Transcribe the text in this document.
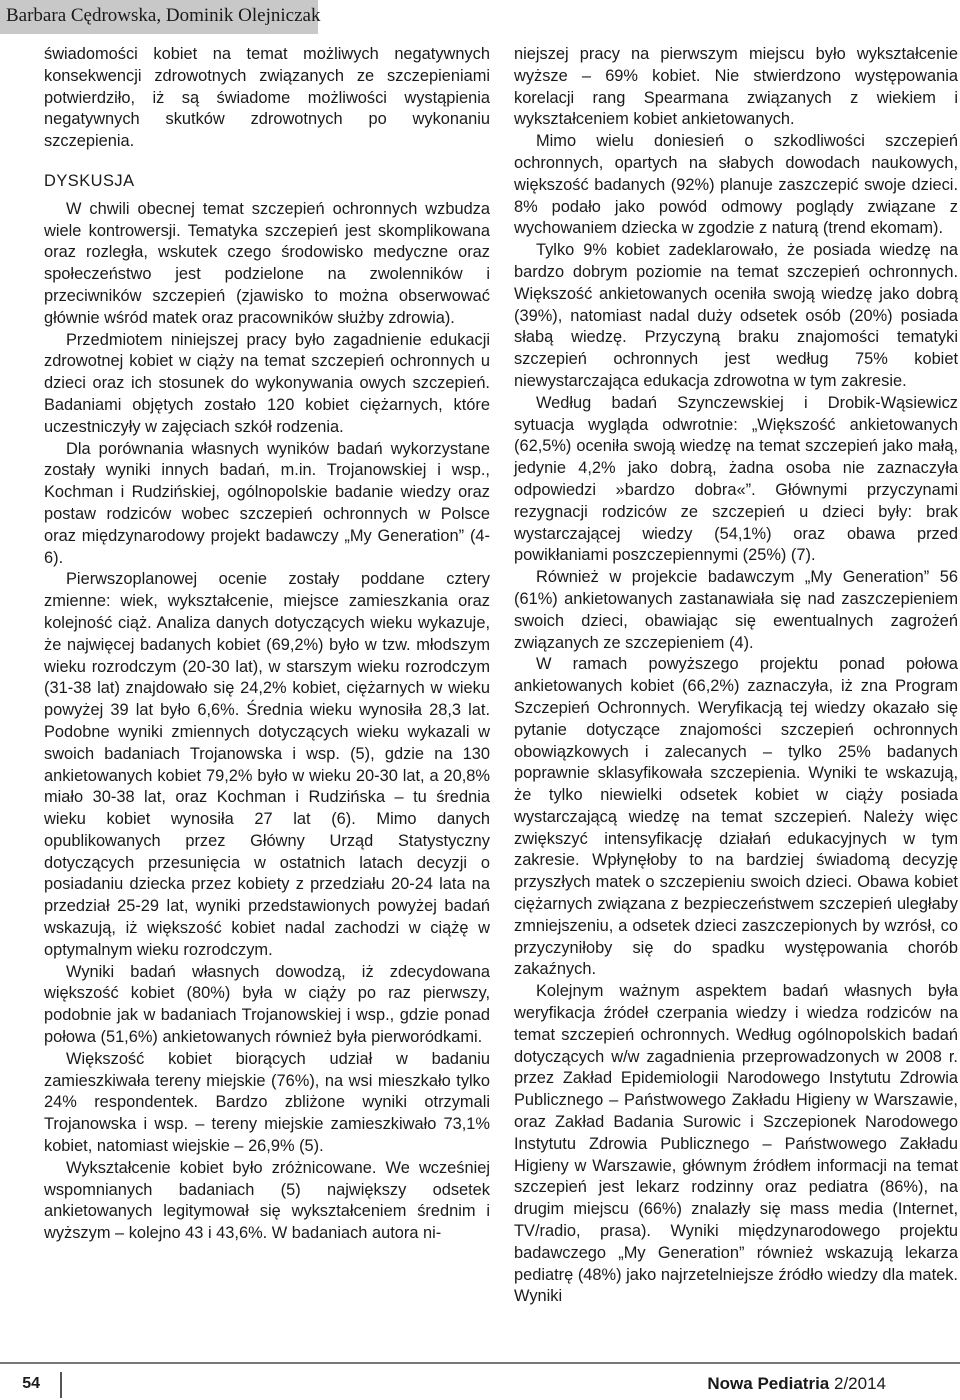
Barbara Cędrowska, Dominik Olejniczak

świadomości kobiet na temat możliwych negatywnych konsekwencji zdrowotnych związanych ze szczepieniami potwierdziło, iż są świadome możliwości wystąpienia negatywnych skutków zdrowotnych po wykonaniu szczepienia.

DYSKUSJA

W chwili obecnej temat szczepień ochronnych wzbudza wiele kontrowersji. Tematyka szczepień jest skomplikowana oraz rozległa, wskutek czego środowisko medyczne oraz społeczeństwo jest podzielone na zwolenników i przeciwników szczepień (zjawisko to można obserwować głównie wśród matek oraz pracowników służby zdrowia).

Przedmiotem niniejszej pracy było zagadnienie edukacji zdrowotnej kobiet w ciąży na temat szczepień ochronnych u dzieci oraz ich stosunek do wykonywania owych szczepień. Badaniami objętych zostało 120 kobiet ciężarnych, które uczestniczyły w zajęciach szkół rodzenia.

Dla porównania własnych wyników badań wykorzystane zostały wyniki innych badań, m.in. Trojanowskiej i wsp., Kochman i Rudzińskiej, ogólnopolskie badanie wiedzy oraz postaw rodziców wobec szczepień ochronnych w Polsce oraz międzynarodowy projekt badawczy „My Generation” (4-6).

Pierwszoplanowej ocenie zostały poddane cztery zmienne: wiek, wykształcenie, miejsce zamieszkania oraz kolejność ciąż. Analiza danych dotyczących wieku wykazuje, że najwięcej badanych kobiet (69,2%) było w tzw. młodszym wieku rozrodczym (20-30 lat), w starszym wieku rozrodczym (31-38 lat) znajdowało się 24,2% kobiet, ciężarnych w wieku powyżej 39 lat było 6,6%. Średnia wieku wynosiła 28,3 lat. Podobne wyniki zmiennych dotyczących wieku wykazali w swoich badaniach Trojanowska i wsp. (5), gdzie na 130 ankietowanych kobiet 79,2% było w wieku 20-30 lat, a 20,8% miało 30-38 lat, oraz Kochman i Rudzińska – tu średnia wieku kobiet wynosiła 27 lat (6). Mimo danych opublikowanych przez Główny Urząd Statystyczny dotyczących przesunięcia w ostatnich latach decyzji o posiadaniu dziecka przez kobiety z przedziału 20-24 lata na przedział 25-29 lat, wyniki przedstawionych powyżej badań wskazują, iż większość kobiet nadal zachodzi w ciążę w optymalnym wieku rozrodczym.

Wyniki badań własnych dowodzą, iż zdecydowana większość kobiet (80%) była w ciąży po raz pierwszy, podobnie jak w badaniach Trojanowskiej i wsp., gdzie ponad połowa (51,6%) ankietowanych również była pierworódkami.

Większość kobiet biorących udział w badaniu zamieszkiwała tereny miejskie (76%), na wsi mieszkało tylko 24% respondentek. Bardzo zbliżone wyniki otrzymali Trojanowska i wsp. – tereny miejskie zamieszkiwało 73,1% kobiet, natomiast wiejskie – 26,9% (5).

Wykształcenie kobiet było zróżnicowane. We wcześniej wspomnianych badaniach (5) największy odsetek ankietowanych legitymował się wykształceniem średnim i wyższym – kolejno 43 i 43,6%. W badaniach autora ni-

niejszej pracy na pierwszym miejscu było wykształcenie wyższe – 69% kobiet. Nie stwierdzono występowania korelacji rang Spearmana związanych z wiekiem i wykształceniem kobiet ankietowanych.

Mimo wielu doniesień o szkodliwości szczepień ochronnych, opartych na słabych dowodach naukowych, większość badanych (92%) planuje zaszczepić swoje dzieci. 8% podało jako powód odmowy poglądy związane z wychowaniem dziecka w zgodzie z naturą (trend ekomam).

Tylko 9% kobiet zadeklarowało, że posiada wiedzę na bardzo dobrym poziomie na temat szczepień ochronnych. Większość ankietowanych oceniła swoją wiedzę jako dobrą (39%), natomiast nadal duży odsetek osób (20%) posiada słabą wiedzę. Przyczyną braku znajomości tematyki szczepień ochronnych jest według 75% kobiet niewystarczająca edukacja zdrowotna w tym zakresie.

Według badań Szynczewskiej i Drobik-Wąsiewicz sytuacja wygląda odwrotnie: „Większość ankietowanych (62,5%) oceniła swoją wiedzę na temat szczepień jako małą, jedynie 4,2% jako dobrą, żadna osoba nie zaznaczyła odpowiedzi »bardzo dobra«”. Głównymi przyczynami rezygnacji rodziców ze szczepień u dzieci były: brak wystarczającej wiedzy (54,1%) oraz obawa przed powikłaniami poszczepiennymi (25%) (7).

Również w projekcie badawczym „My Generation” 56 (61%) ankietowanych zastanawiała się nad zaszczepieniem swoich dzieci, obawiając się ewentualnych zagrożeń związanych ze szczepieniem (4).

W ramach powyższego projektu ponad połowa ankietowanych kobiet (66,2%) zaznaczyła, iż zna Program Szczepień Ochronnych. Weryfikacją tej wiedzy okazało się pytanie dotyczące znajomości szczepień ochronnych obowiązkowych i zalecanych – tylko 25% badanych poprawnie sklasyfikowała szczepienia. Wyniki te wskazują, że tylko niewielki odsetek kobiet w ciąży posiada wystarczającą wiedzę na temat szczepień. Należy więc zwiększyć intensyfikację działań edukacyjnych w tym zakresie. Wpłynęłoby to na bardziej świadomą decyzję przyszłych matek o szczepieniu swoich dzieci. Obawa kobiet ciężarnych związana z bezpieczeństwem szczepień uległaby zmniejszeniu, a odsetek dzieci zaszczepionych by wzrósł, co przyczyniłoby się do spadku występowania chorób zakaźnych.

Kolejnym ważnym aspektem badań własnych była weryfikacja źródeł czerpania wiedzy i wiedza rodziców na temat szczepień ochronnych. Według ogólnopolskich badań dotyczących w/w zagadnienia przeprowadzonych w 2008 r. przez Zakład Epidemiologii Narodowego Instytutu Zdrowia Publicznego – Państwowego Zakładu Higieny w Warszawie, oraz Zakład Badania Surowic i Szczepionek Narodowego Instytutu Zdrowia Publicznego – Państwowego Zakładu Higieny w Warszawie, głównym źródłem informacji na temat szczepień jest lekarz rodzinny oraz pediatra (86%), na drugim miejscu (66%) znalazły się mass media (Internet, TV/radio, prasa). Wyniki międzynarodowego projektu badawczego „My Generation” również wskazują lekarza pediatrę (48%) jako najrzetelniejsze źródło wiedzy dla matek. Wyniki

54	Nowa Pediatria 2/2014
